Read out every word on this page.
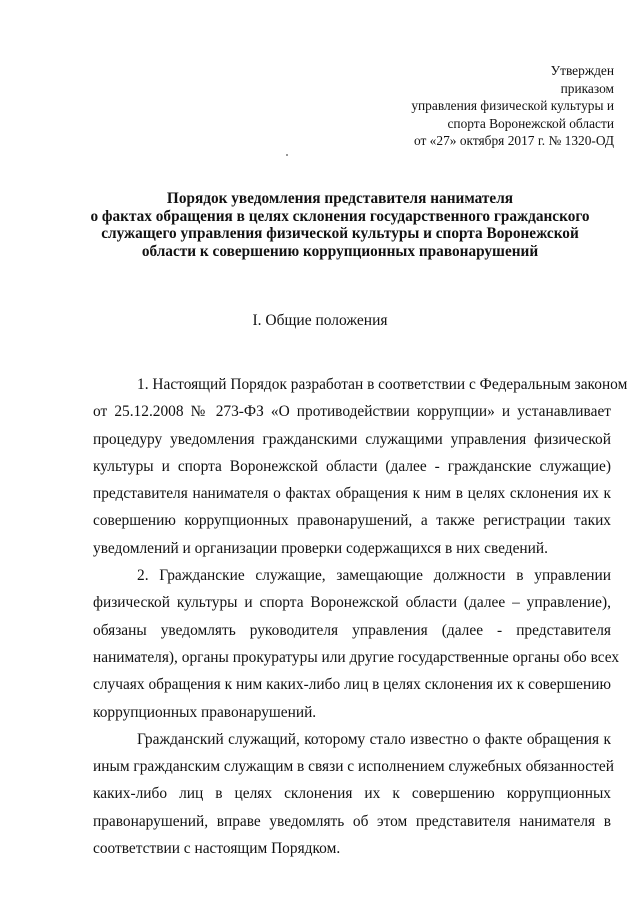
Утвержден
приказом
управления физической культуры и
спорта Воронежской области
от «27» октября 2017 г. № 1320-ОД
Порядок уведомления представителя нанимателя
о фактах обращения в целях склонения государственного гражданского
служащего управления физической культуры и спорта Воронежской
области к совершению коррупционных правонарушений
I. Общие положения
1. Настоящий Порядок разработан в соответствии с Федеральным законом
от 25.12.2008 № 273-ФЗ «О противодействии коррупции» и устанавливает
процедуру уведомления гражданскими служащими управления физической
культуры и спорта Воронежской области (далее - гражданские служащие)
представителя нанимателя о фактах обращения к ним в целях склонения их к
совершению коррупционных правонарушений, а также регистрации таких
уведомлений и организации проверки содержащихся в них сведений.
2. Гражданские служащие, замещающие должности в управлении
физической культуры и спорта Воронежской области (далее – управление),
обязаны уведомлять руководителя управления (далее - представителя
нанимателя), органы прокуратуры или другие государственные органы обо всех
случаях обращения к ним каких-либо лиц в целях склонения их к совершению
коррупционных правонарушений.
Гражданский служащий, которому стало известно о факте обращения к
иным гражданским служащим в связи с исполнением служебных обязанностей
каких-либо лиц в целях склонения их к совершению коррупционных
правонарушений, вправе уведомлять об этом представителя нанимателя в
соответствии с настоящим Порядком.
